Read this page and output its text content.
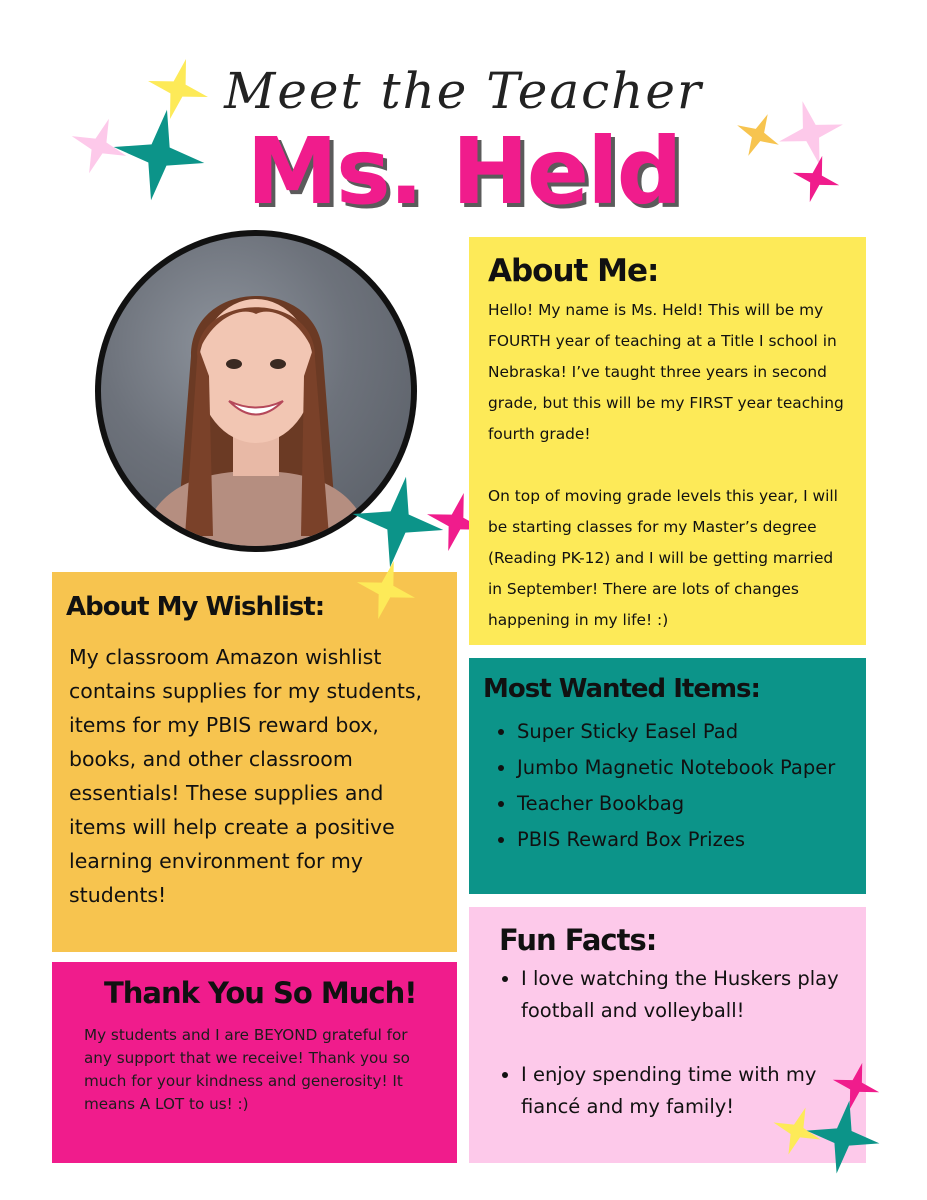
Meet the Teacher
Ms. Held
About Me:

Hello! My name is Ms. Held! This will be my FOURTH year of teaching at a Title I school in Nebraska! I’ve taught three years in second grade, but this will be my FIRST year teaching fourth grade!

On top of moving grade levels this year, I will be starting classes for my Master’s degree (Reading PK-12) and I will be getting married in September! There are lots of changes happening in my life! :)

About My Wishlist:

My classroom Amazon wishlist contains supplies for my students, items for my PBIS reward box, books, and other classroom essentials! These supplies and items will help create a positive learning environment for my students!

Most Wanted Items:
• Super Sticky Easel Pad
• Jumbo Magnetic Notebook Paper
• Teacher Bookbag
• PBIS Reward Box Prizes
Thank You So Much!

My students and I are BEYOND grateful for any support that we receive! Thank you so much for your kindness and generosity! It means A LOT to us! :)

Fun Facts:
• I love watching the Huskers play football and volleyball!
• I enjoy spending time with my fiancé and my family!
